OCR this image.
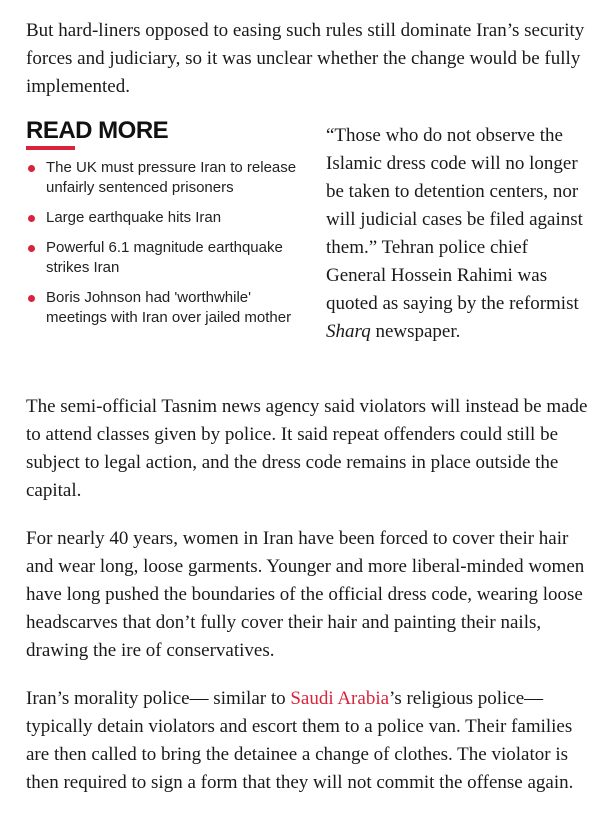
But hard-liners opposed to easing such rules still dominate Iran’s security forces and judiciary, so it was unclear whether the change would be fully implemented.

READ MORE
The UK must pressure Iran to release unfairly sentenced prisoners
Large earthquake hits Iran
Powerful 6.1 magnitude earthquake strikes Iran
Boris Johnson had 'worthwhile' meetings with Iran over jailed mother

“Those who do not observe the Islamic dress code will no longer be taken to detention centers, nor will judicial cases be filed against them.” Tehran police chief General Hossein Rahimi was quoted as saying by the reformist
Sharq newspaper.

The semi-official Tasnim news agency said violators will instead be made to attend classes given by police. It said repeat offenders could still be subject to legal action, and the dress code remains in place outside the capital.

For nearly 40 years, women in Iran have been forced to cover their hair and wear long, loose garments. Younger and more liberal-minded women have long pushed the boundaries of the official dress code, wearing loose headscarves that don’t fully cover their hair and painting their nails, drawing the ire of conservatives.

Iran’s morality police— similar to Saudi Arabia’s religious police—typically detain violators and escort them to a police van. Their families are then called to bring the detainee a change of clothes. The violator is then required to sign a form that they will not commit the offense again.
